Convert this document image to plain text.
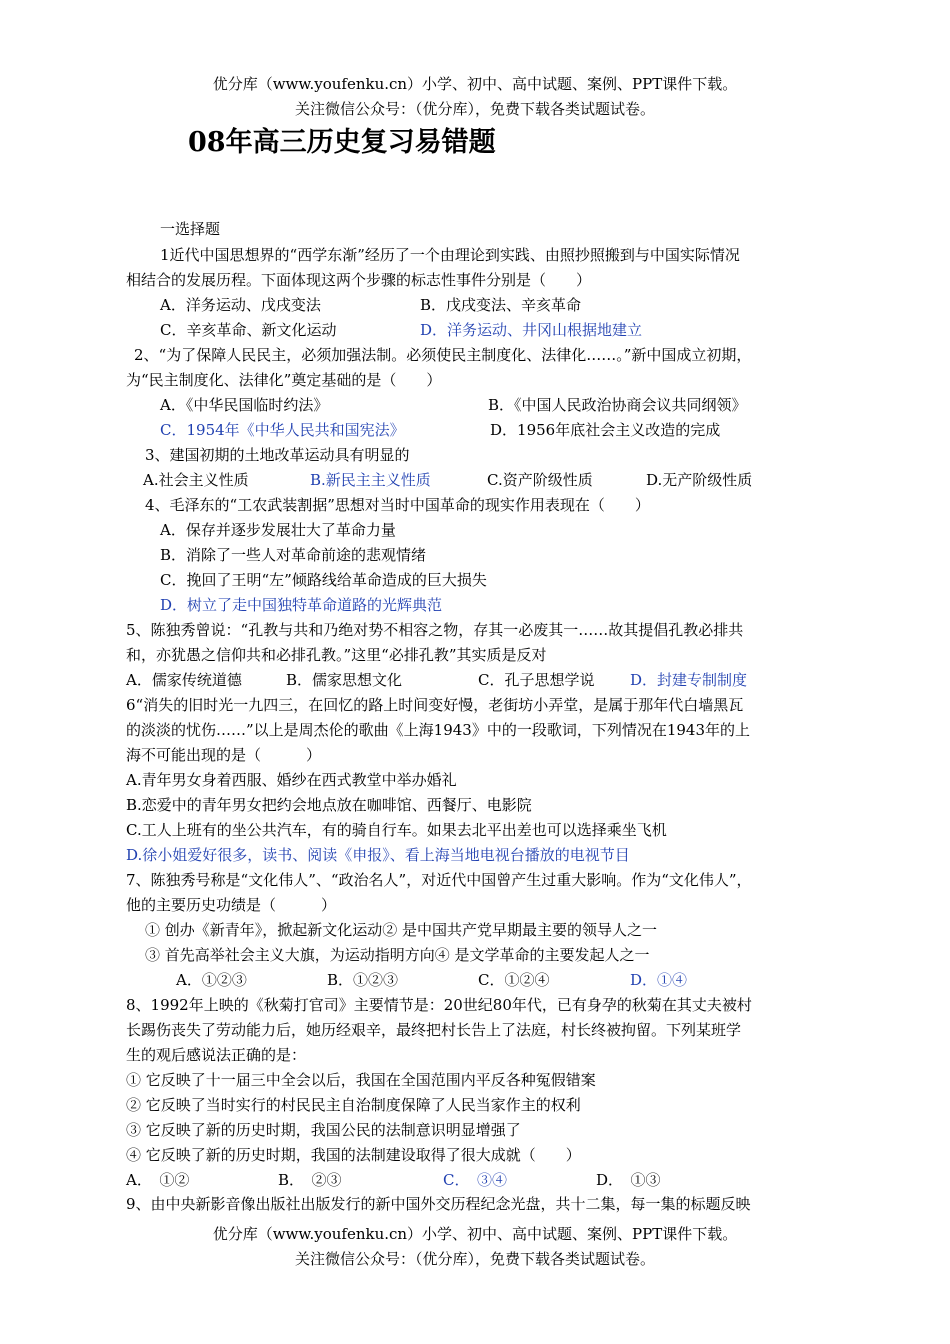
优分库（www.youfenku.cn）小学、初中、高中试题、案例、PPT课件下载。
关注微信公众号：（优分库），免费下载各类试题试卷。
08年高三历史复习易错题
一选择题
1近代中国思想界的“西学东渐”经历了一个由理论到实践、由照抄照搬到与中国实际情况
相结合的发展历程。下面体现这两个步骤的标志性事件分别是（　　）
A．洋务运动、戊戌变法	B．戊戌变法、辛亥革命
C．辛亥革命、新文化运动	D．洋务运动、井冈山根据地建立
2、“为了保障人民民主，必须加强法制。必须使民主制度化、法律化……。”新中国成立初期，
为“民主制度化、法律化”奠定基础的是（　　）
A．《中华民国临时约法》	B．《中国人民政治协商会议共同纲领》
C．1954年《中华人民共和国宪法》	D．1956年底社会主义改造的完成
3、建国初期的土地改革运动具有明显的
A.社会主义性质	B.新民主主义性质	C.资产阶级性质	D.无产阶级性质
4、毛泽东的“工农武装割据”思想对当时中国革命的现实作用表现在（　　）
A．保存并逐步发展壮大了革命力量
B．消除了一些人对革命前途的悲观情绪
C．挽回了王明“左”倾路线给革命造成的巨大损失
D．树立了走中国独特革命道路的光辉典范
5、陈独秀曾说：“孔教与共和乃绝对势不相容之物，存其一必废其一……故其提倡孔教必排共
和，亦犹愚之信仰共和必排孔教。”这里“必排孔教”其实质是反对
A．儒家传统道德	B．儒家思想文化	C．孔子思想学说 D．封建专制制度
6“消失的旧时光一九四三，在回忆的路上时间变好慢，老街坊小弄堂，是属于那年代白墙黑瓦
的淡淡的忧伤……”以上是周杰伦的歌曲《上海1943》中的一段歌词，下列情况在1943年的上
海不可能出现的是（　　　）
A.青年男女身着西服、婚纱在西式教堂中举办婚礼
B.恋爱中的青年男女把约会地点放在咖啡馆、西餐厅、电影院
C.工人上班有的坐公共汽车，有的骑自行车。如果去北平出差也可以选择乘坐飞机
D.徐小姐爱好很多，读书、阅读《申报》、看上海当地电视台播放的电视节目
7、陈独秀号称是“文化伟人”、“政治名人”，对近代中国曾产生过重大影响。作为“文化伟人”，
他的主要历史功绩是（　　　）
① 创办《新青年》，掀起新文化运动② 是中国共产党早期最主要的领导人之一
③ 首先高举社会主义大旗，为运动指明方向④ 是文学革命的主要发起人之一
A．①②③	B．①②③	C．①②④	D．①④
8、1992年上映的《秋菊打官司》主要情节是：20世纪80年代，已有身孕的秋菊在其丈夫被村
长踢伤丧失了劳动能力后，她历经艰辛，最终把村长告上了法庭，村长终被拘留。下列某班学
生的观后感说法正确的是：
① 它反映了十一届三中全会以后，我国在全国范围内平反各种冤假错案
② 它反映了当时实行的村民民主自治制度保障了人民当家作主的权利
③ 它反映了新的历史时期，我国公民的法制意识明显增强了
④ 它反映了新的历史时期，我国的法制建设取得了很大成就（　　）
A．　①②	B．　②③	C．　③④	D．　①③
9、由中央新影音像出版社出版发行的新中国外交历程纪念光盘，共十二集，每一集的标题反映
优分库（www.youfenku.cn）小学、初中、高中试题、案例、PPT课件下载。
关注微信公众号：（优分库），免费下载各类试题试卷。
